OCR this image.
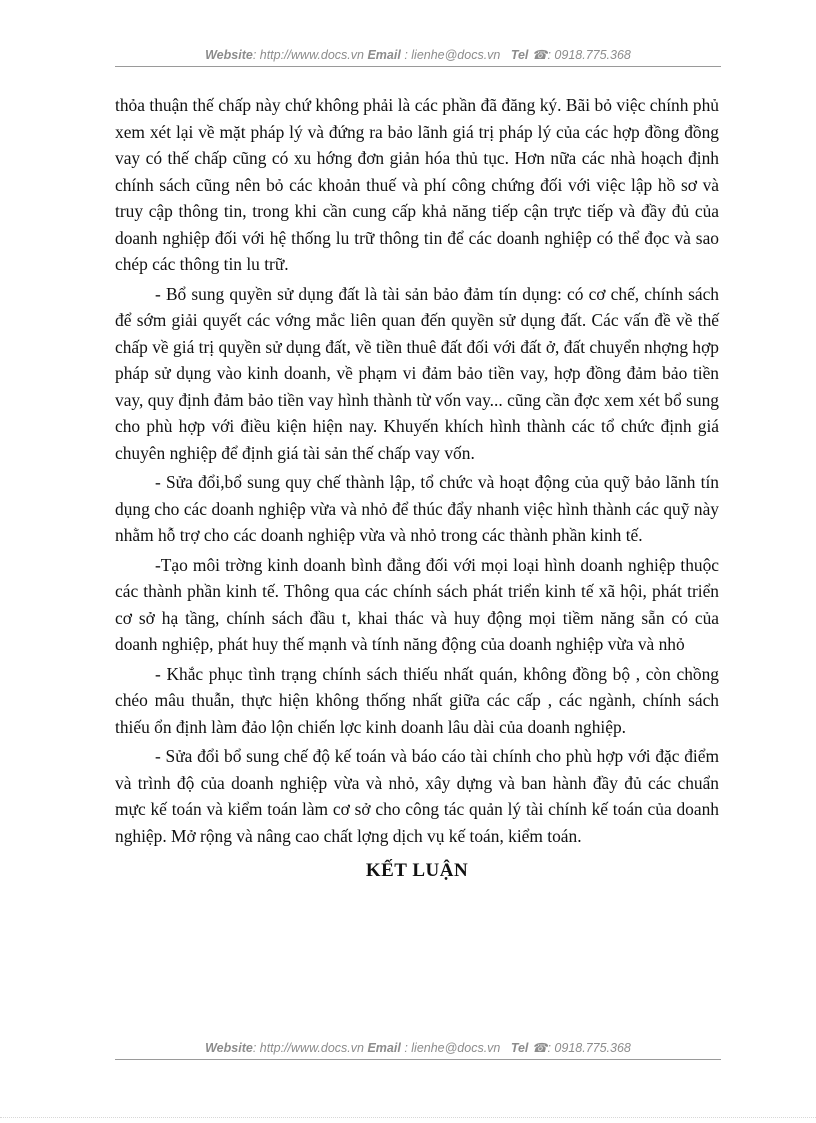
Website: http://www.docs.vn Email : lienhe@docs.vn Tel ☎: 0918.775.368

thỏa thuận thế chấp này chứ không phải là các phần đã đăng ký. Bãi bỏ việc chính phủ xem xét lại về mặt pháp lý và đứng ra bảo lãnh giá trị pháp lý của các hợp đồng đồng vay có thế chấp cũng có xu hớng đơn giản hóa thủ tục. Hơn nữa các nhà hoạch định chính sách cũng nên bỏ các khoản thuế và phí công chứng đối với việc lập hồ sơ và truy cập thông tin, trong khi cần cung cấp khả năng tiếp cận trực tiếp và đầy đủ của doanh nghiệp đối với hệ thống lu trữ thông tin để các doanh nghiệp có thể đọc và sao chép các thông tin lu trữ.

- Bổ sung quyền sử dụng đất là tài sản bảo đảm tín dụng: có cơ chế, chính sách để sớm giải quyết các vớng mắc liên quan đến quyền sử dụng đất. Các vấn đề về thế chấp về giá trị quyền sử dụng đất, về tiền thuê đất đối với đất ở, đất chuyển nhợng hợp pháp sử dụng vào kinh doanh, về phạm vi đảm bảo tiền vay, hợp đồng đảm bảo tiền vay, quy định đảm bảo tiền vay hình thành từ vốn vay... cũng cần đợc xem xét bổ sung cho phù hợp với điều kiện hiện nay. Khuyến khích hình thành các tổ chức định giá chuyên nghiệp để định giá tài sản thế chấp vay vốn.

- Sửa đổi,bổ sung quy chế thành lập, tổ chức và hoạt động của quỹ bảo lãnh tín dụng cho các doanh nghiệp vừa và nhỏ để thúc đẩy nhanh việc hình thành các quỹ này nhằm hỗ trợ cho các doanh nghiệp vừa và nhỏ trong các thành phần kinh tế.

-Tạo môi trờng kinh doanh bình đẳng đối với mọi loại hình doanh nghiệp thuộc các thành phần kinh tế. Thông qua các chính sách phát triển kinh tế xã hội, phát triển cơ sở hạ tầng, chính sách đầu t, khai thác và huy động mọi tiềm năng sẵn có của doanh nghiệp, phát huy thế mạnh và tính năng động của doanh nghiệp vừa và nhỏ

- Khắc phục tình trạng chính sách thiếu nhất quán, không đồng bộ , còn chồng chéo mâu thuẫn, thực hiện không thống nhất giữa các cấp , các ngành, chính sách thiếu ổn định làm đảo lộn chiến lợc kinh doanh lâu dài của doanh nghiệp.

- Sửa đổi bổ sung chế độ kế toán và báo cáo tài chính cho phù hợp với đặc điểm và trình độ của doanh nghiệp vừa và nhỏ, xây dựng và ban hành đầy đủ các chuẩn mực kế toán và kiểm toán làm cơ sở cho công tác quản lý tài chính kế toán của doanh nghiệp. Mở rộng và nâng cao chất lợng dịch vụ kế toán, kiểm toán.

KẾT LUẬN
Website: http://www.docs.vn Email : lienhe@docs.vn Tel ☎: 0918.775.368
